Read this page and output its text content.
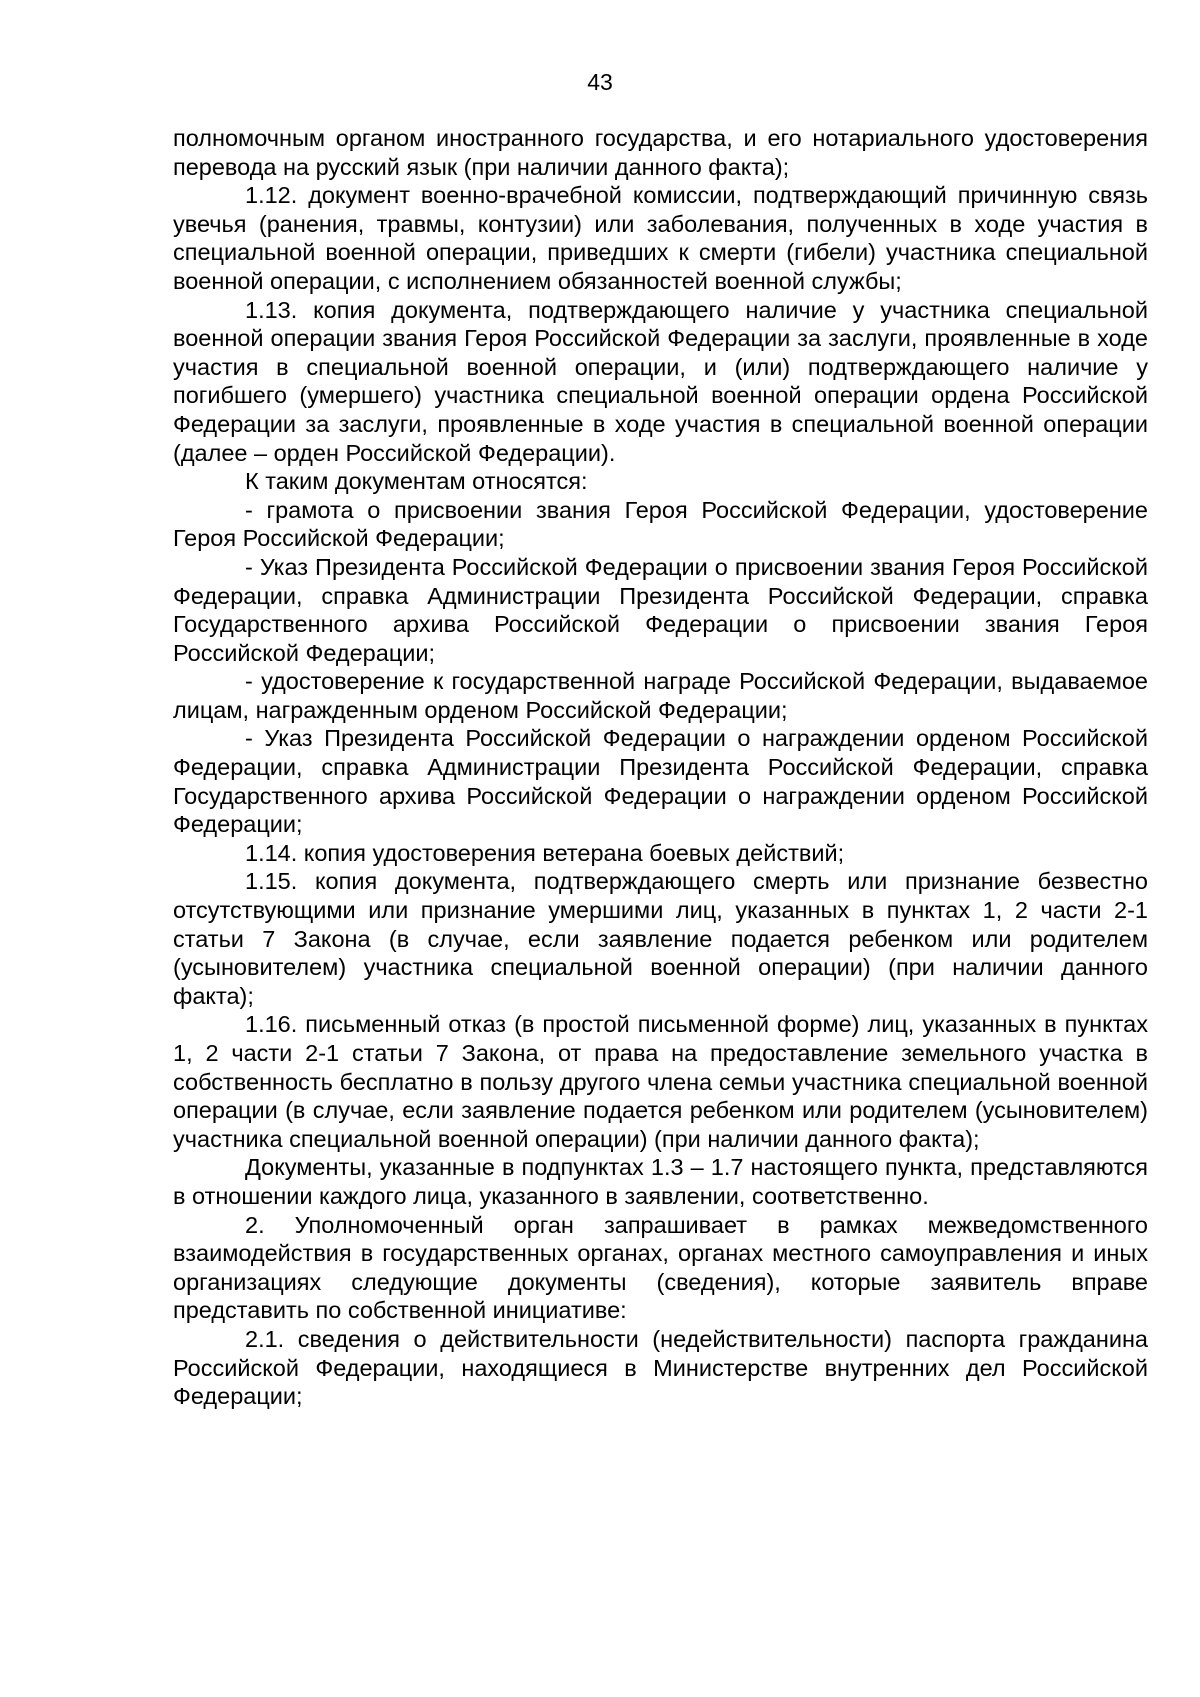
43

полномочным органом иностранного государства, и его нотариального удостоверения перевода на русский язык (при наличии данного факта);

1.12. документ военно-врачебной комиссии, подтверждающий причинную связь увечья (ранения, травмы, контузии) или заболевания, полученных в ходе участия в специальной военной операции, приведших к смерти (гибели) участника специальной военной операции, с исполнением обязанностей военной службы;

1.13. копия документа, подтверждающего наличие у участника специальной военной операции звания Героя Российской Федерации за заслуги, проявленные в ходе участия в специальной военной операции, и (или) подтверждающего наличие у погибшего (умершего) участника специальной военной операции ордена Российской Федерации за заслуги, проявленные в ходе участия в специальной военной операции (далее – орден Российской Федерации).

К таким документам относятся:

- грамота о присвоении звания Героя Российской Федерации, удостоверение Героя Российской Федерации;

- Указ Президента Российской Федерации о присвоении звания Героя Российской Федерации, справка Администрации Президента Российской Федерации, справка Государственного архива Российской Федерации о присвоении звания Героя Российской Федерации;

- удостоверение к государственной награде Российской Федерации, выдаваемое лицам, награжденным орденом Российской Федерации;

- Указ Президента Российской Федерации о награждении орденом Российской Федерации, справка Администрации Президента Российской Федерации, справка Государственного архива Российской Федерации о награждении орденом Российской Федерации;

1.14. копия удостоверения ветерана боевых действий;

1.15. копия документа, подтверждающего смерть или признание безвестно отсутствующими или признание умершими лиц, указанных в пунктах 1, 2 части 2-1 статьи 7 Закона (в случае, если заявление подается ребенком или родителем (усыновителем) участника специальной военной операции) (при наличии данного факта);

1.16. письменный отказ (в простой письменной форме) лиц, указанных в пунктах 1, 2 части 2-1 статьи 7 Закона, от права на предоставление земельного участка в собственность бесплатно в пользу другого члена семьи участника специальной военной операции (в случае, если заявление подается ребенком или родителем (усыновителем) участника специальной военной операции) (при наличии данного факта);

Документы, указанные в подпунктах 1.3 – 1.7 настоящего пункта, представляются в отношении каждого лица, указанного в заявлении, соответственно.

2. Уполномоченный орган запрашивает в рамках межведомственного взаимодействия в государственных органах, органах местного самоуправления и иных организациях следующие документы (сведения), которые заявитель вправе представить по собственной инициативе:

2.1. сведения о действительности (недействительности) паспорта гражданина Российской Федерации, находящиеся в Министерстве внутренних дел Российской Федерации;
